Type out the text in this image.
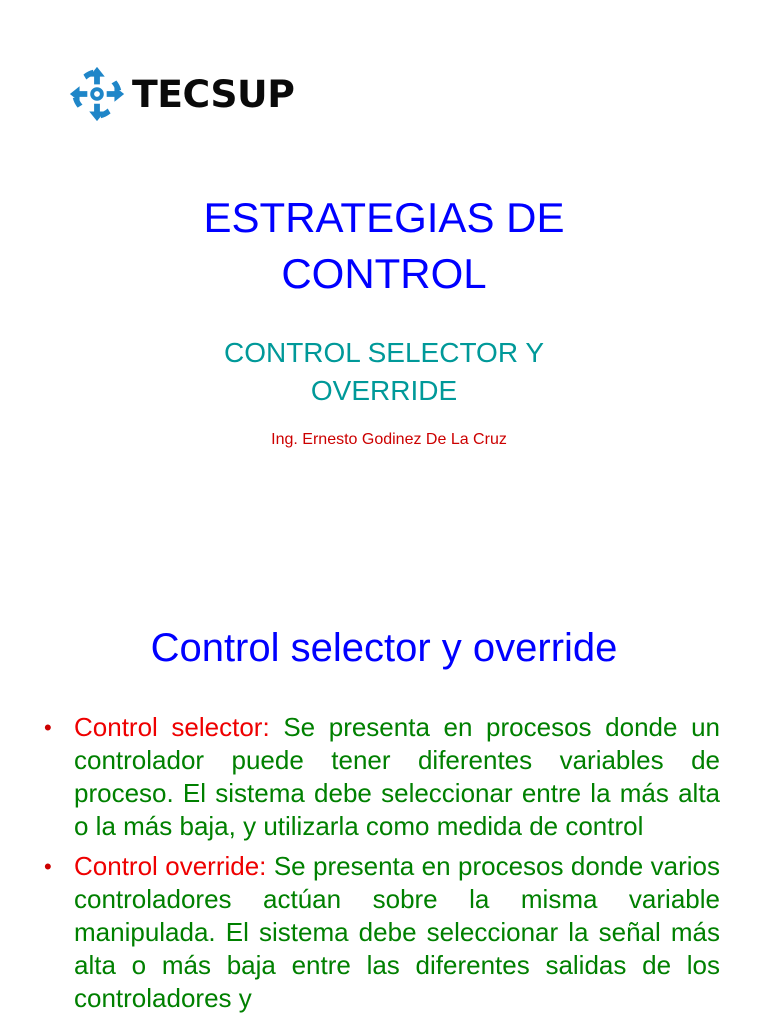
TECSUP
ESTRATEGIAS DE
CONTROL
CONTROL SELECTOR Y
OVERRIDE

Ing. Ernesto Godinez De La Cruz

Control selector y override
• Control selector: Se presenta en procesos donde un controlador puede tener diferentes variables de proceso. El sistema debe seleccionar entre la más alta o la más baja, y utilizarla como medida de control
• Control override: Se presenta en procesos donde varios controladores actúan sobre la misma variable manipulada. El sistema debe seleccionar la señal más alta o más baja entre las diferentes salidas de los controladores y
